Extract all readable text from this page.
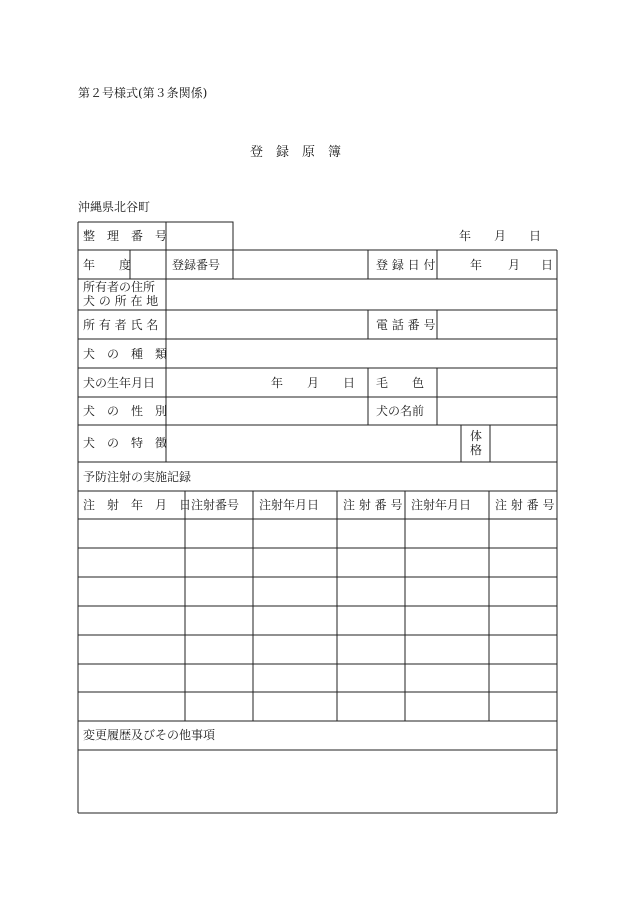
第２号様式(第３条関係)
登　録　原　簿
沖縄県北谷町
整　理　番　号	年 月 日
年　　度	登録番号	登 録 日 付	年 月 日
所有者の住所
犬 の 所 在 地
所 有 者 氏 名	電 話 番 号
犬　の　種　類
犬の生年月日	年 月 日 毛　　色
犬　の　性　別	犬の名前
犬　の　特　徴	体
格
予防注射の実施記録
注　射　年　月　日 注射番号 注射年月日 注 射 番 号 注射年月日 注 射 番 号
変更履歴及びその他事項
